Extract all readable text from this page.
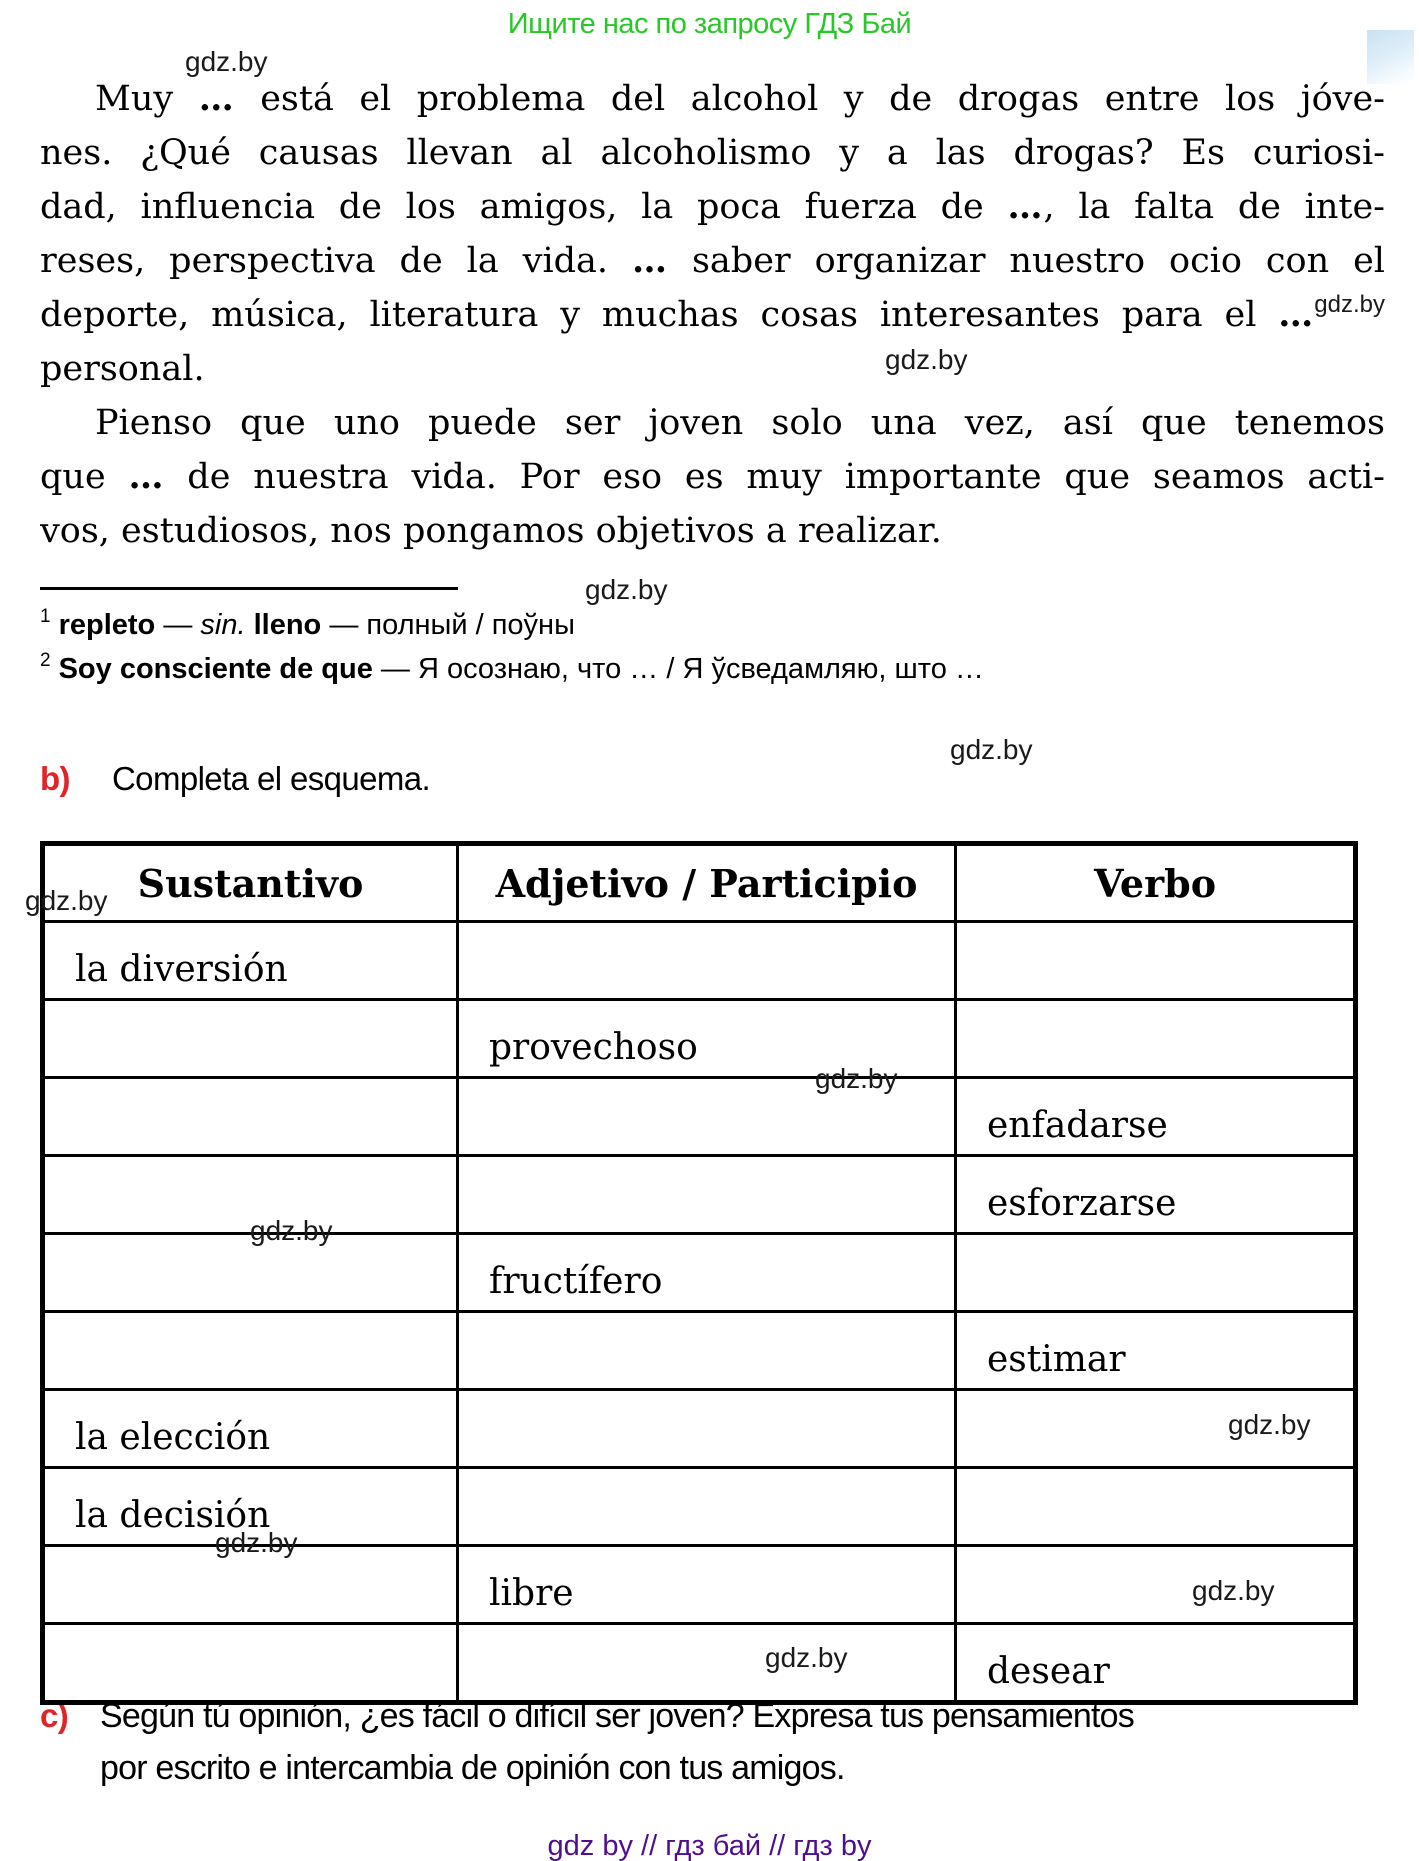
Ищите нас по запросу ГДЗ Бай
gdz.by
gdz.by
gdz.by
gdz.by
gdz.by
gdz.by
gdz.by
gdz.by
gdz.by
gdz.by
gdz.by
Muy … está el problema del alcohol y de drogas entre los jóve-
nes. ¿Qué causas llevan al alcoholismo y a las drogas? Es curiosi-
dad, influencia de los amigos, la poca fuerza de …, la falta de inte-
reses, perspectiva de la vida. … saber organizar nuestro ocio con el
deporte, música, literatura y muchas cosas interesantes para el …$^{gdz.by}$
personal.
Pienso que uno puede ser joven solo una vez, así que tenemos
que … de nuestra vida. Por eso es muy importante que seamos acti-
vos, estudiosos, nos pongamos objetivos a realizar.
$^1$ repleto — sin. lleno — полный / поўны
$^2$ Soy consciente de que — Я осознаю, что … / Я ўсведамляю, што …
b) Completa el esquema.
Sustantivo	Adjetivo / Participio	Verbo
la diversión		
	provechoso	
		enfadarse
		esforzarse
	fructífero	
		estimar
la elección		
la decisión		
	libre	
		desear
c) Según tú opinión, ¿es fácil o difícil ser joven? Expresa tus pensamientos
por escrito e intercambia de opinión con tus amigos.
gdz by // гдз бай // гдз by
